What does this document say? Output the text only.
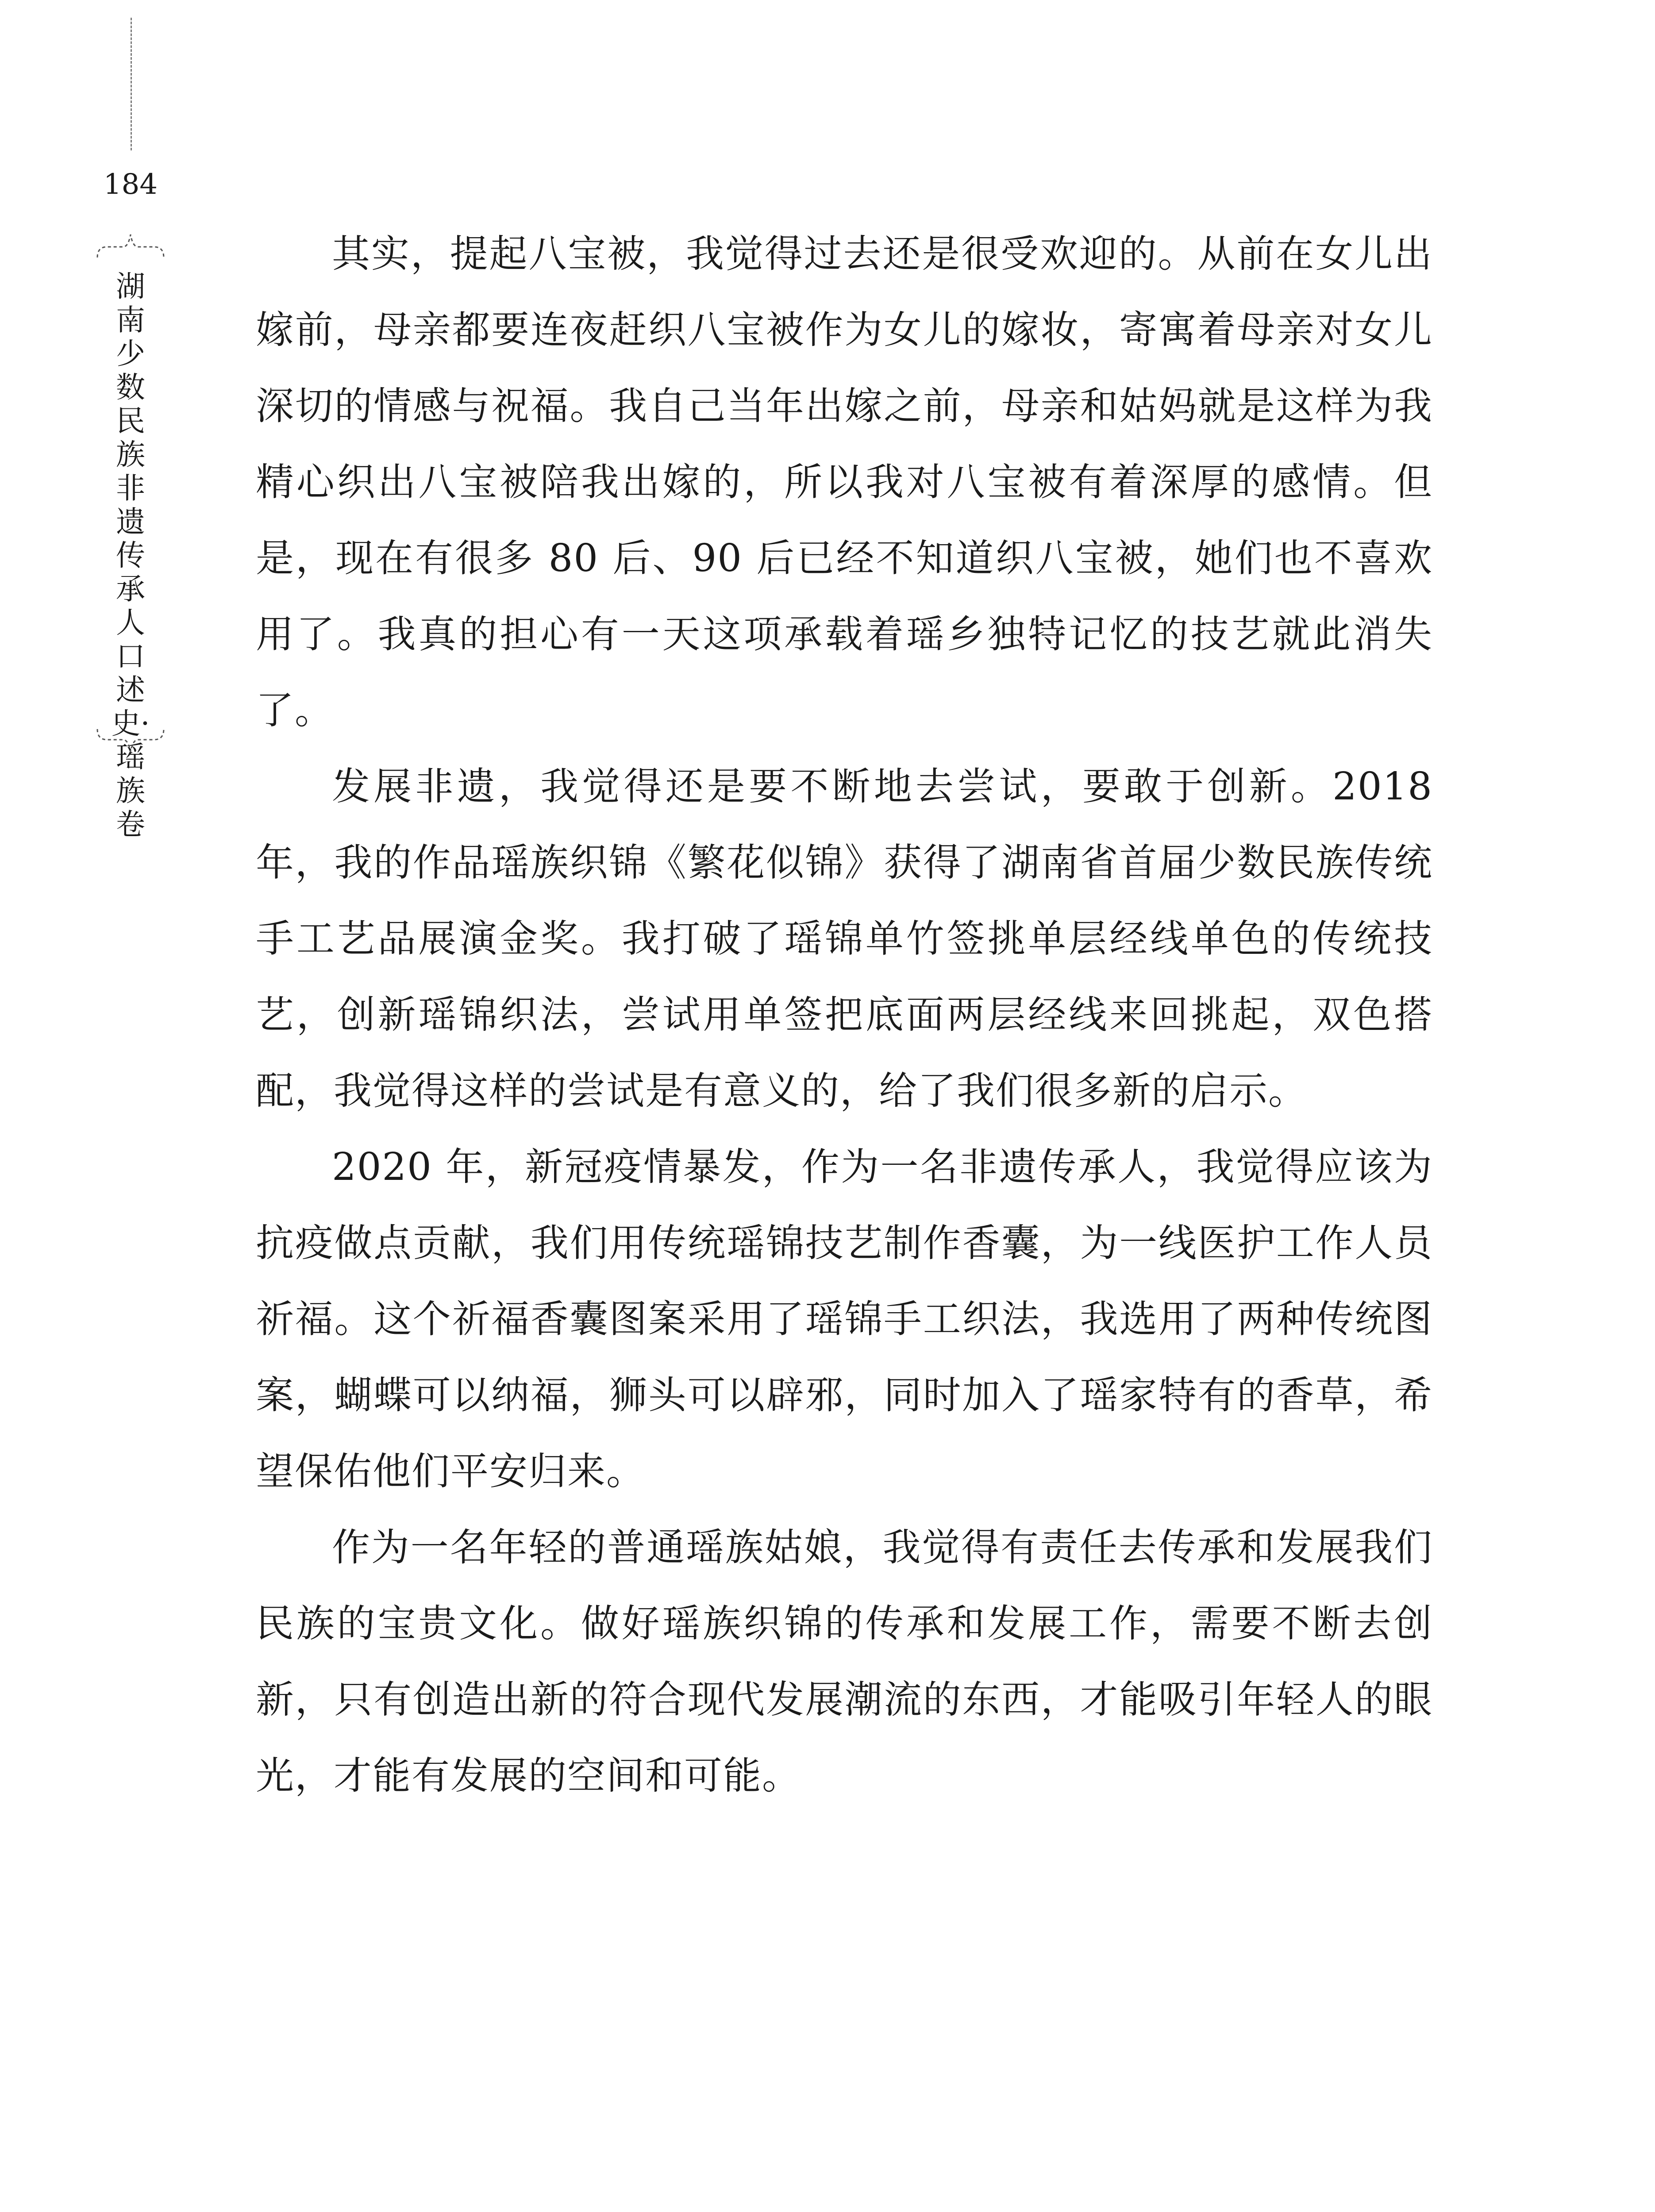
184
湖南少数民族非遗传承人口述史·瑶族卷

其实，提起八宝被，我觉得过去还是很受欢迎的。从前在女儿出嫁前，母亲都要连夜赶织八宝被作为女儿的嫁妆，寄寓着母亲对女儿深切的情感与祝福。我自己当年出嫁之前，母亲和姑妈就是这样为我精心织出八宝被陪我出嫁的，所以我对八宝被有着深厚的感情。但是，现在有很多 80 后、90 后已经不知道织八宝被，她们也不喜欢用了。我真的担心有一天这项承载着瑶乡独特记忆的技艺就此消失了。

发展非遗，我觉得还是要不断地去尝试，要敢于创新。2018 年，我的作品瑶族织锦《繁花似锦》获得了湖南省首届少数民族传统手工艺品展演金奖。我打破了瑶锦单竹签挑单层经线单色的传统技艺，创新瑶锦织法，尝试用单签把底面两层经线来回挑起，双色搭配，我觉得这样的尝试是有意义的，给了我们很多新的启示。

2020 年，新冠疫情暴发，作为一名非遗传承人，我觉得应该为抗疫做点贡献，我们用传统瑶锦技艺制作香囊，为一线医护工作人员祈福。这个祈福香囊图案采用了瑶锦手工织法，我选用了两种传统图案，蝴蝶可以纳福，狮头可以辟邪，同时加入了瑶家特有的香草，希望保佑他们平安归来。

作为一名年轻的普通瑶族姑娘，我觉得有责任去传承和发展我们民族的宝贵文化。做好瑶族织锦的传承和发展工作，需要不断去创新，只有创造出新的符合现代发展潮流的东西，才能吸引年轻人的眼光，才能有发展的空间和可能。
